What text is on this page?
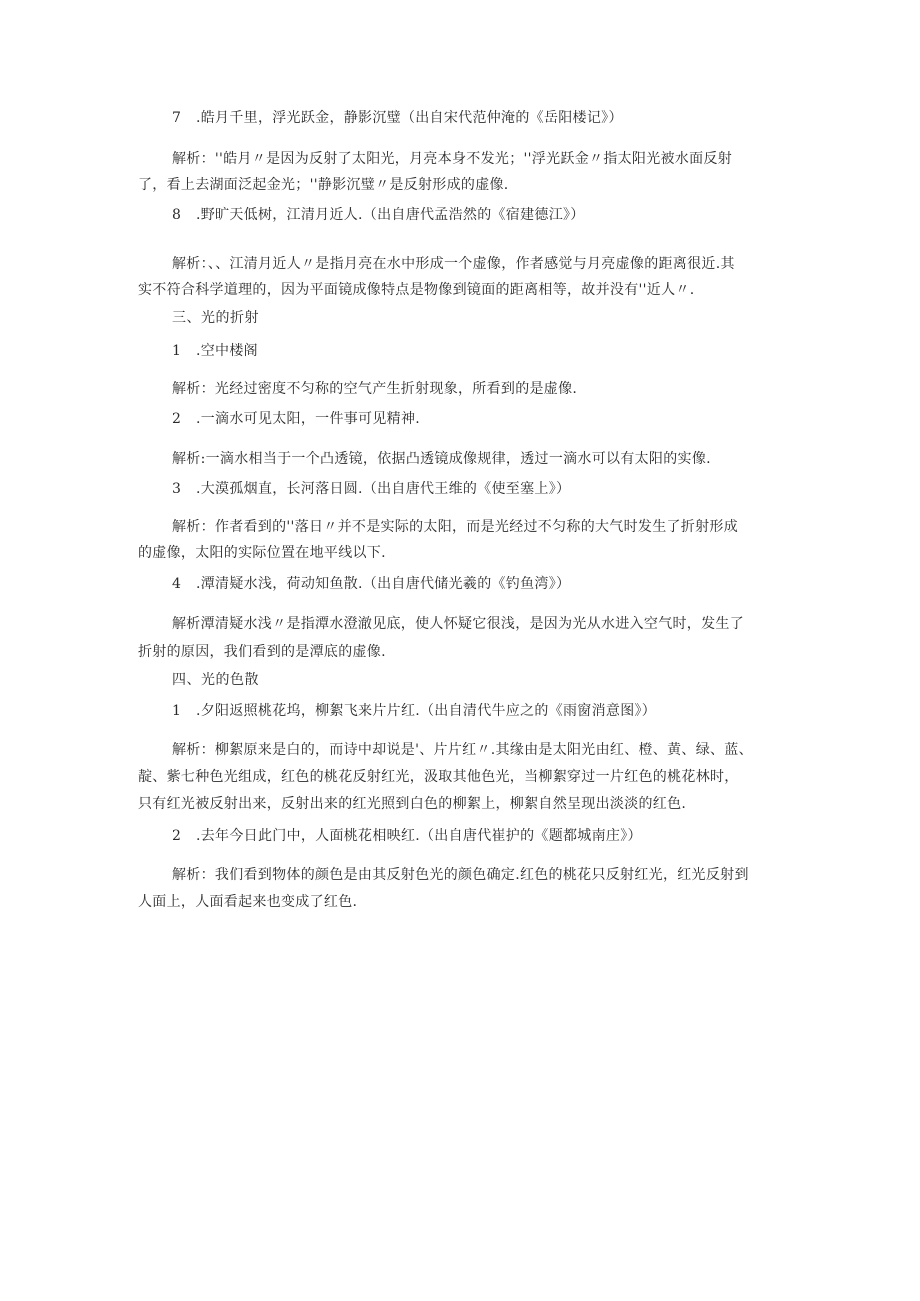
7 .皓月千里，浮光跃金，静影沉璧（出自宋代范仲淹的《岳阳楼记》）
解析：''皓月〃是因为反射了太阳光，月亮本身不发光；''浮光跃金〃指太阳光被水面反射
了，看上去湖面泛起金光；''静影沉璧〃是反射形成的虚像.
8 .野旷天低树，江清月近人.（出自唐代孟浩然的《宿建德江》）
解析：、、江清月近人〃是指月亮在水中形成一个虚像，作者感觉与月亮虚像的距离很近.其
实不符合科学道理的，因为平面镜成像特点是物像到镜面的距离相等，故并没有''近人〃.
三、光的折射
1 .空中楼阁
解析：光经过密度不匀称的空气产生折射现象，所看到的是虚像.
2 .一滴水可见太阳，一件事可见精神.
解析:一滴水相当于一个凸透镜，依据凸透镜成像规律，透过一滴水可以有太阳的实像.
3 .大漠孤烟直，长河落日圆.（出自唐代王维的《使至塞上》）
解析：作者看到的''落日〃并不是实际的太阳，而是光经过不匀称的大气时发生了折射形成
的虚像，太阳的实际位置在地平线以下.
4 .潭清疑水浅，荷动知鱼散.（出自唐代储光羲的《钓鱼湾》）
解析潭清疑水浅〃是指潭水澄澈见底，使人怀疑它很浅，是因为光从水进入空气时，发生了
折射的原因，我们看到的是潭底的虚像.
四、光的色散
1 .夕阳返照桃花坞，柳絮飞来片片红.（出自清代牛应之的《雨窗消意图》）
解析：柳絮原来是白的，而诗中却说是'、片片红〃.其缘由是太阳光由红、橙、黄、绿、蓝、
靛、紫七种色光组成，红色的桃花反射红光，汲取其他色光，当柳絮穿过一片红色的桃花林时，
只有红光被反射出来，反射出来的红光照到白色的柳絮上，柳絮自然呈现出淡淡的红色.
2 .去年今日此门中，人面桃花相映红.（出自唐代崔护的《题都城南庄》）
解析：我们看到物体的颜色是由其反射色光的颜色确定.红色的桃花只反射红光，红光反射到
人面上，人面看起来也变成了红色.
